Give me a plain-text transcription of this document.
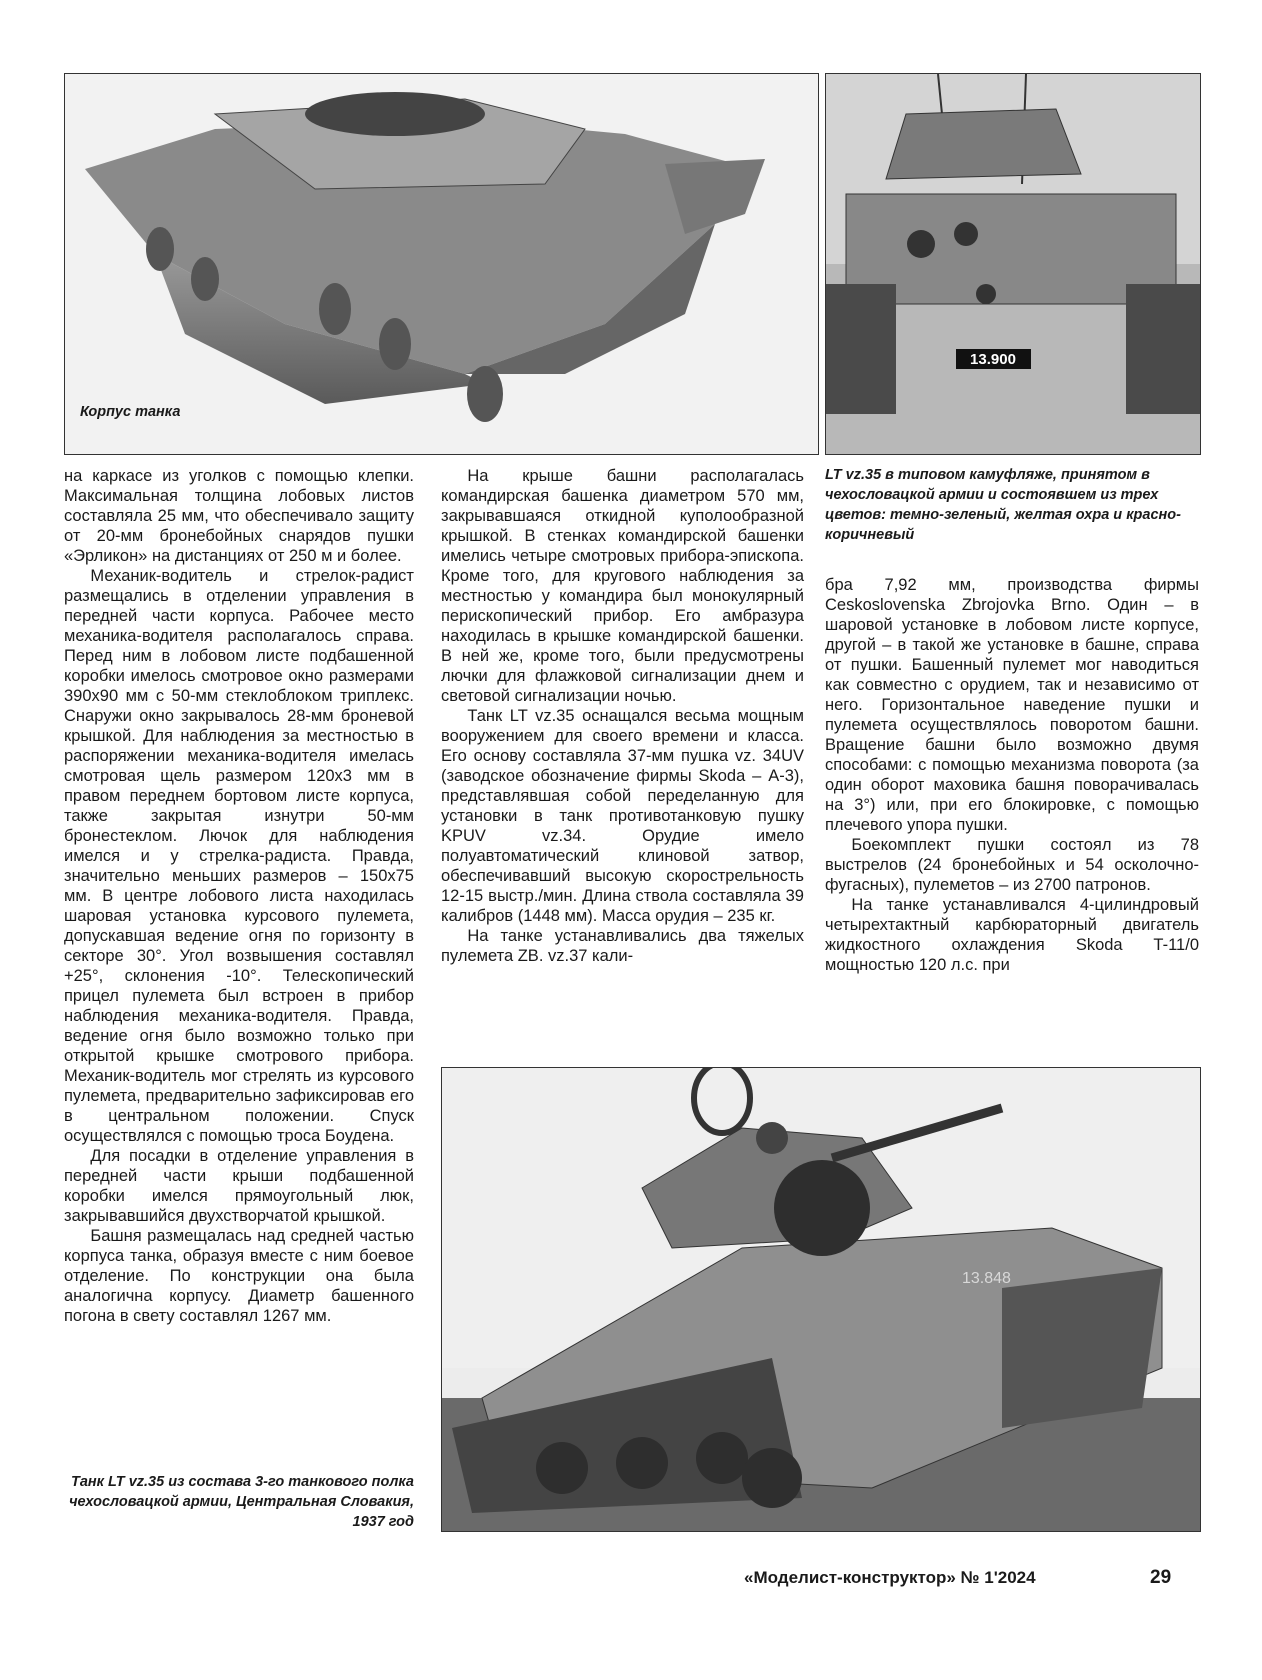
Корпус танка
13.900
LT vz.35 в типовом камуфляже, принятом в чехословацкой армии и состоявшем из трех цветов: темно-зеленый, желтая охра и красно-коричневый

на каркасе из уголков с помощью клепки. Максимальная толщина лобовых листов составляла 25 мм, что обеспечивало защиту от 20-мм бронебойных снарядов пушки «Эрликон» на дистанциях от 250 м и более.

Механик-водитель и стрелок-радист размещались в отделении управления в передней части корпуса. Рабочее место механика-водителя располагалось справа. Перед ним в лобовом листе подбашенной коробки имелось смотровое окно размерами 390x90 мм с 50-мм стеклоблоком триплекс. Снаружи окно закрывалось 28-мм броневой крышкой. Для наблюдения за местностью в распоряжении механика-водителя имелась смотровая щель размером 120x3 мм в правом переднем бортовом листе корпуса, также закрытая изнутри 50-мм бронестеклом. Лючок для наблюдения имелся и у стрелка-радиста. Правда, значительно меньших размеров – 150x75 мм. В центре лобового листа находилась шаровая установка курсового пулемета, допускавшая ведение огня по горизонту в секторе 30°. Угол возвышения составлял +25°, склонения -10°. Телескопический прицел пулемета был встроен в прибор наблюдения механика-водителя. Правда, ведение огня было возможно только при открытой крышке смотрового прибора. Механик-водитель мог стрелять из курсового пулемета, предварительно зафиксировав его в центральном положении. Спуск осуществлялся с помощью троса Боудена.

Для посадки в отделение управления в передней части крыши подбашенной коробки имелся прямоугольный люк, закрывавшийся двухстворчатой крышкой.

Башня размещалась над средней частью корпуса танка, образуя вместе с ним боевое отделение. По конструкции она была аналогична корпусу. Диаметр башенного погона в свету составлял 1267 мм.

На крыше башни располагалась командирская башенка диаметром 570 мм, закрывавшаяся откидной куполообразной крышкой. В стенках командирской башенки имелись четыре смотровых прибора-эпископа. Кроме того, для кругового наблюдения за местностью у командира был монокулярный перископический прибор. Его амбразура находилась в крышке командирской башенки. В ней же, кроме того, были предусмотрены лючки для флажковой сигнализации днем и световой сигнализации ночью.

Танк LT vz.35 оснащался весьма мощным вооружением для своего времени и класса. Его основу составляла 37-мм пушка vz. 34UV (заводское обозначение фирмы Skoda – А-3), представлявшая собой переделанную для установки в танк противотанковую пушку KPUV vz.34. Орудие имело полуавтоматический клиновой затвор, обеспечивавший высокую скорострельность 12-15 выстр./мин. Длина ствола составляла 39 калибров (1448 мм). Масса орудия – 235 кг.

На танке устанавливались два тяжелых пулемета ZB. vz.37 кали-

бра 7,92 мм, производства фирмы Ceskoslovenska Zbrojovka Brno. Один – в шаровой установке в лобовом листе корпусе, другой – в такой же установке в башне, справа от пушки. Башенный пулемет мог наводиться как совместно с орудием, так и независимо от него. Горизонтальное наведение пушки и пулемета осуществлялось поворотом башни. Вращение башни было возможно двумя способами: с помощью механизма поворота (за один оборот маховика башня поворачивалась на 3°) или, при его блокировке, с помощью плечевого упора пушки.

Боекомплект пушки состоял из 78 выстрелов (24 бронебойных и 54 осколочно-фугасных), пулеметов – из 2700 патронов.

На танке устанавливался 4-цилиндровый четырехтактный карбюраторный двигатель жидкостного охлаждения Skoda T-11/0 мощностью 120 л.с. при

13.848
Танк LT vz.35 из состава 3-го танкового полка чехословацкой армии, Центральная Словакия, 1937 год
«Моделист-конструктор» № 1'2024	29
